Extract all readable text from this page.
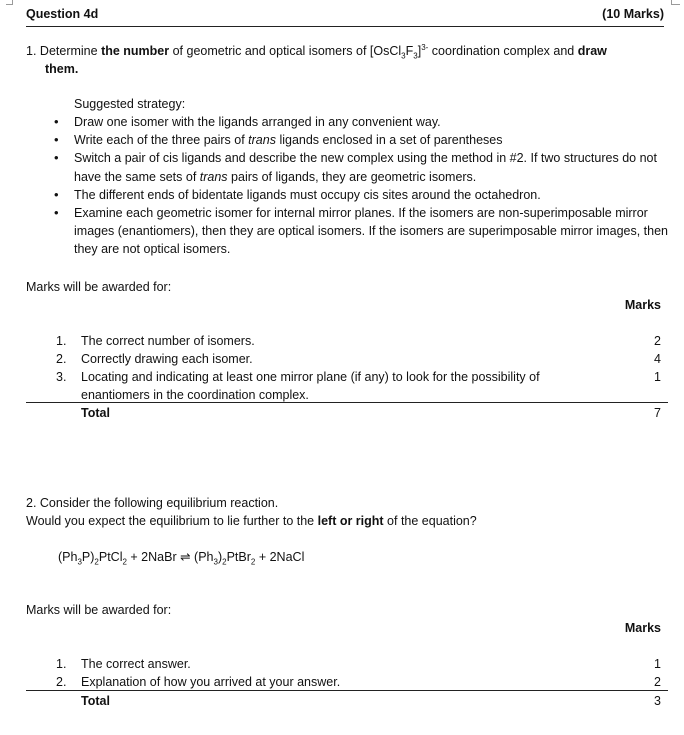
Question 4d	(10 Marks)
1. Determine the number of geometric and optical isomers of $[OsCl_3F_3]^{3-}$ coordination complex and draw
them.
Suggested strategy:
• Draw one isomer with the ligands arranged in any convenient way.
• Write each of the three pairs of trans ligands enclosed in a set of parentheses
• Switch a pair of cis ligands and describe the new complex using the method in #2. If two structures do not have the same sets of trans pairs of ligands, they are geometric isomers.
• The different ends of bidentate ligands must occupy cis sites around the octahedron.
• Examine each geometric isomer for internal mirror planes. If the isomers are non-superimposable mirror images (enantiomers), then they are optical isomers. If the isomers are superimposable mirror images, then they are not optical isomers.
Marks will be awarded for:
Marks
1. The correct number of isomers.	2
2. Correctly drawing each isomer.	4
3. Locating and indicating at least one mirror plane (if any) to look for the possibility of	1
enantiomers in the coordination complex.
Total	7
2. Consider the following equilibrium reaction.
Would you expect the equilibrium to lie further to the left or right of the equation?
$(Ph_3P)_2PtCl_2$ + 2NaBr ⇌ $(Ph_3)_2PtBr_2$ + 2NaCl
Marks will be awarded for:
Marks
1. The correct answer.	1
2. Explanation of how you arrived at your answer.	2
Total	3
